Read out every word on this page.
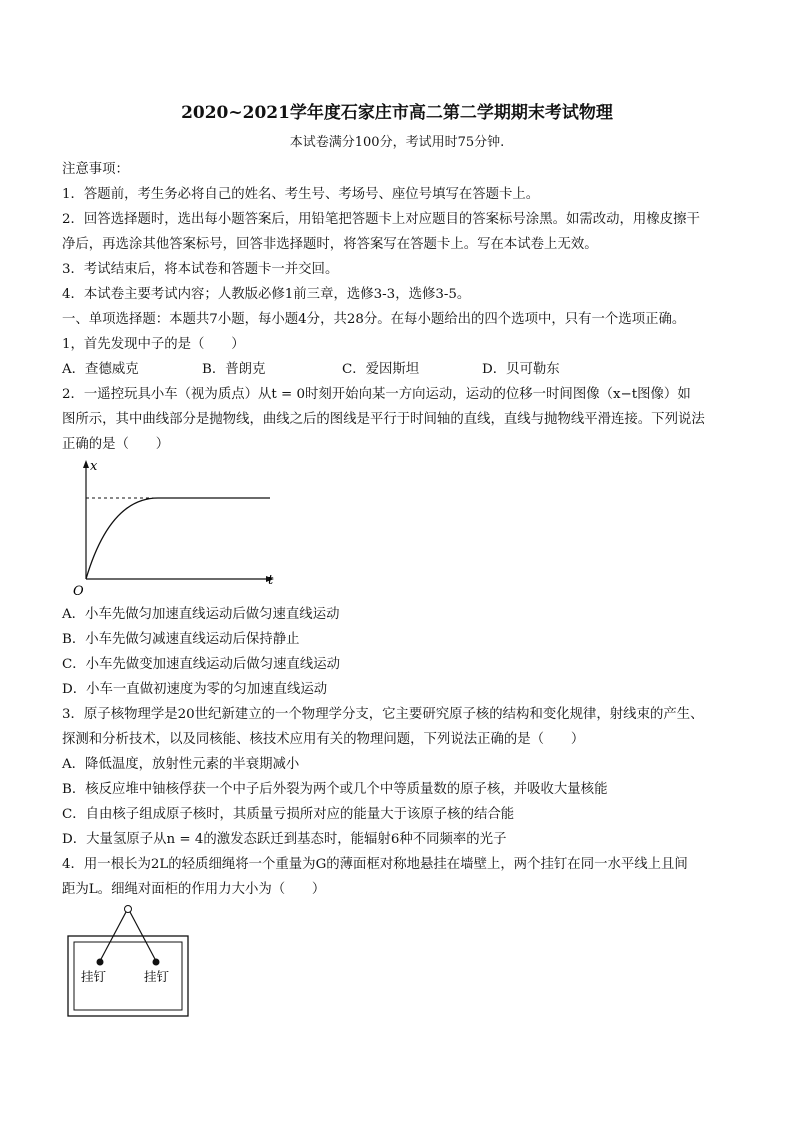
2020~2021学年度石家庄市高二第二学期期末考试物理
本试卷满分100分，考试用时75分钟.
注意事项：
1．答题前，考生务必将自己的姓名、考生号、考场号、座位号填写在答题卡上。
2．回答选择题时，选出每小题答案后，用铅笔把答题卡上对应题目的答案标号涂黑。如需改动，用橡皮擦干
净后，再选涂其他答案标号，回答非选择题时，将答案写在答题卡上。写在本试卷上无效。
3．考试结束后，将本试卷和答题卡一并交回。
4．本试卷主要考试内容；人教版必修1前三章，选修3-3，选修3-5。
一、单项选择题：本题共7小题，每小题4分，共28分。在每小题给出的四个选项中，只有一个选项正确。
1，首先发现中子的是（　　）
A．查德威克	B．普朗克	C．爱因斯坦	D．贝可勒东
2．一遥控玩具小车（视为质点）从t = 0时刻开始向某一方向运动，运动的位移一时间图像（x−t图像）如
图所示，其中曲线部分是抛物线，曲线之后的图线是平行于时间轴的直线，直线与抛物线平滑连接。下列说法
正确的是（　　）
x
t
O
A．小车先做匀加速直线运动后做匀速直线运动
B．小车先做匀减速直线运动后保持静止
C．小车先做变加速直线运动后做匀速直线运动
D．小车一直做初速度为零的匀加速直线运动
3．原子核物理学是20世纪新建立的一个物理学分支，它主要研究原子核的结构和变化规律，射线束的产生、
探测和分析技术，以及同核能、核技术应用有关的物理问题，下列说法正确的是（　　）
A．降低温度，放射性元素的半衰期减小
B．核反应堆中铀核俘获一个中子后外裂为两个或几个中等质量数的原子核，并吸收大量核能
C．自由核子组成原子核时，其质量亏损所对应的能量大于该原子核的结合能
D．大量氢原子从n = 4的激发态跃迁到基态时，能辐射6种不同频率的光子
4．用一根长为2L的轻质细绳将一个重量为G的薄面框对称地悬挂在墙壁上，两个挂钉在同一水平线上且间
距为L。细绳对面柜的作用力大小为（　　）
挂钉	挂钉
